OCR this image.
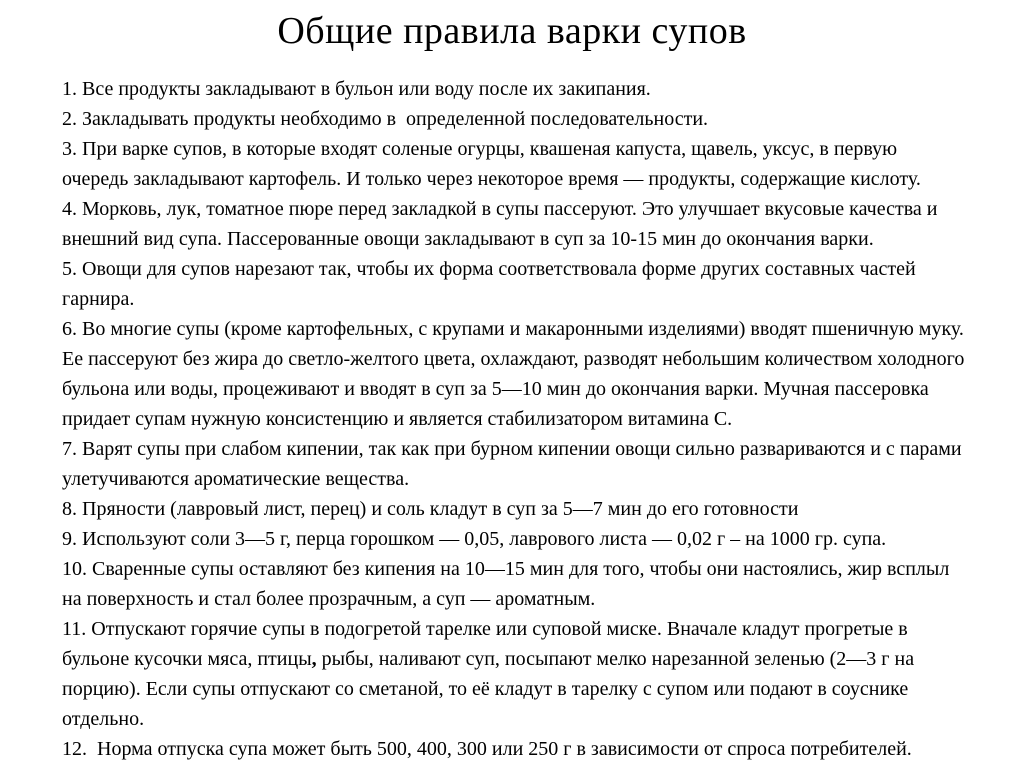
Общие правила варки супов

1. Все продукты закладывают в бульон или воду после их закипания.

2. Закладывать продукты необходимо в  определенной последовательности.

3. При варке супов, в которые входят соленые огурцы, квашеная капуста, щавель, уксус, в первую очередь закладывают картофель. И только через некоторое время — продукты, содержащие кислоту.

4. Морковь, лук, томатное пюре перед закладкой в супы пассеруют. Это улучшает вкусовые качества и внешний вид супа. Пассерованные овощи закладывают в суп за 10-15 мин до окончания варки.

5. Овощи для супов нарезают так, чтобы их форма соответствовала форме других составных частей гарнира.

6. Во многие супы (кроме картофельных, с крупами и макаронными изделиями) вводят пшеничную муку. Ее пассеруют без жира до светло-желтого цвета, охлаждают, разводят небольшим количеством холодного бульона или воды, процеживают и вводят в суп за 5—10 мин до окончания варки. Мучная пассеровка придает супам нужную консистенцию и является стабилизатором витамина С.

7. Варят супы при слабом кипении, так как при бурном кипении овощи сильно развариваются и с парами улетучиваются ароматические вещества.

8. Пряности (лавровый лист, перец) и соль кладут в суп за 5—7 мин до его готовности

9. Используют соли 3—5 г, перца горошком — 0,05, лаврового листа — 0,02 г – на 1000 гр. супа.

10. Сваренные супы оставляют без кипения на 10—15 мин для того, чтобы они настоялись, жир всплыл на поверхность и стал более прозрачным, а суп — ароматным.

11. Отпускают горячие супы в подогретой тарелке или суповой миске. Вначале кладут прогретые в бульоне кусочки мяса, птицы, рыбы, наливают суп, посыпают мелко нарезанной зеленью (2—3 г на порцию). Если супы отпускают со сметаной, то её кладут в тарелку с супом или подают в соуснике отдельно.

12.  Норма отпуска супа может быть 500, 400, 300 или 250 г в зависимости от спроса потребителей.
